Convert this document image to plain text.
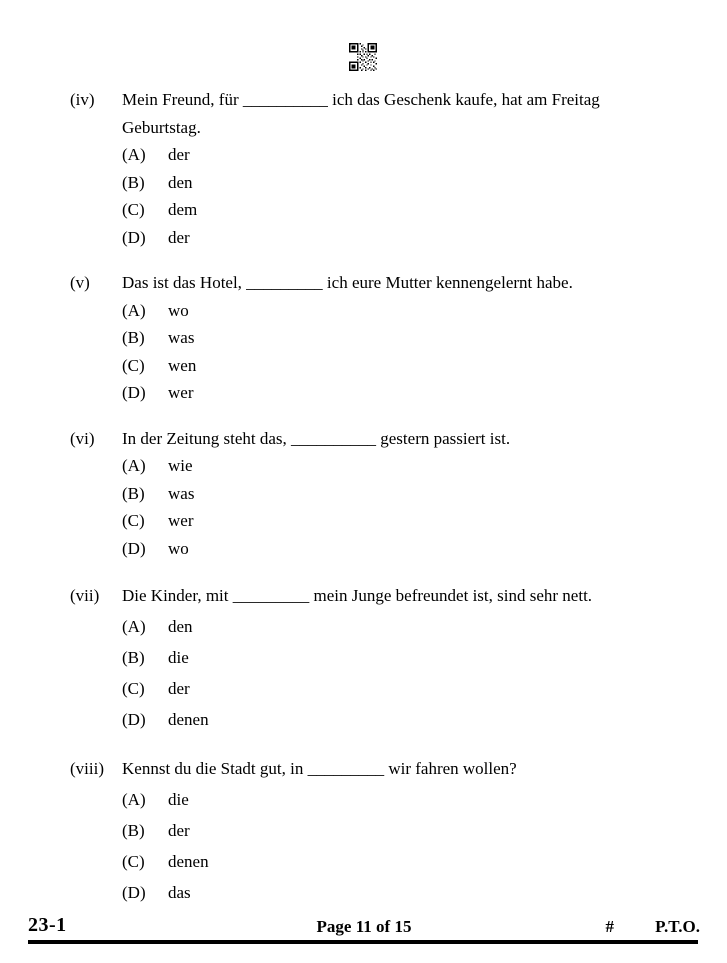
(iv)	Mein Freund, für __________ ich das Geschenk kaufe, hat am Freitag Geburtstag.
(A)	der
(B)	den
(C)	dem
(D)	der
(v)	Das ist das Hotel, _________ ich eure Mutter kennengelernt habe.
(A)	wo
(B)	was
(C)	wen
(D)	wer
(vi)	In der Zeitung steht das, __________ gestern passiert ist.
(A)	wie
(B)	was
(C)	wer
(D)	wo
(vii)	Die Kinder, mit _________ mein Junge befreundet ist, sind sehr nett.
(A)	den
(B)	die
(C)	der
(D)	denen
(viii)	Kennst du die Stadt gut, in _________ wir fahren wollen?
(A)	die
(B)	der
(C)	denen
(D)	das
23-1	Page 11 of 15	# P.T.O.
